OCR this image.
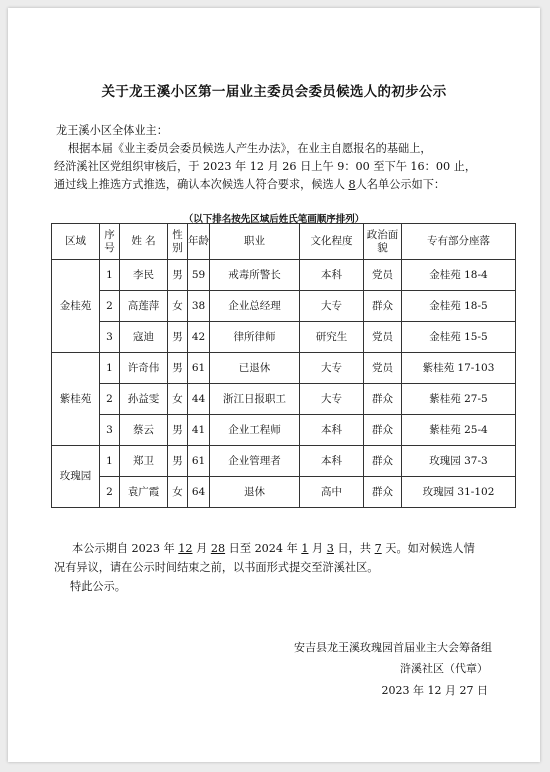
关于龙王溪小区第一届业主委员会委员候选人的初步公示
龙王溪小区全体业主：
根据本届《业主委员会委员候选人产生办法》，在业主自愿报名的基础上，
经浒溪社区党组织审核后，于 2023 年 12 月 26 日上午 9：00 至下午 16：00 止，
通过线上推选方式推选，确认本次候选人符合要求，候选人 8人名单公示如下：
（以下排名按先区域后姓氏笔画顺序排列）
区域	序号	姓 名	性别	年龄	职业	文化程度	政治面貌	专有部分座落
金桂苑	1	李民	男	59	戒毒所警长	本科	党员	金桂苑 18-4
	2	高莲萍	女	38	企业总经理	大专	群众	金桂苑 18-5
	3	寇迪	男	42	律所律师	研究生	党员	金桂苑 15-5
紫桂苑	1	许奇伟	男	61	已退休	大专	党员	紫桂苑 17-103
	2	孙益雯	女	44	浙江日报职工	大专	群众	紫桂苑 27-5
	3	蔡云	男	41	企业工程师	本科	群众	紫桂苑 25-4
玫瑰园	1	郑卫	男	61	企业管理者	本科	群众	玫瑰园 37-3
	2	袁广霞	女	64	退休	高中	群众	玫瑰园 31-102
本公示期自 2023 年 12 月 28 日至 2024 年 1 月 3 日，共 7 天。如对候选人情
况有异议，请在公示时间结束之前，以书面形式提交至浒溪社区。
特此公示。
安吉县龙王溪玫瑰园首届业主大会筹备组
浒溪社区（代章）
2023 年 12 月 27 日
